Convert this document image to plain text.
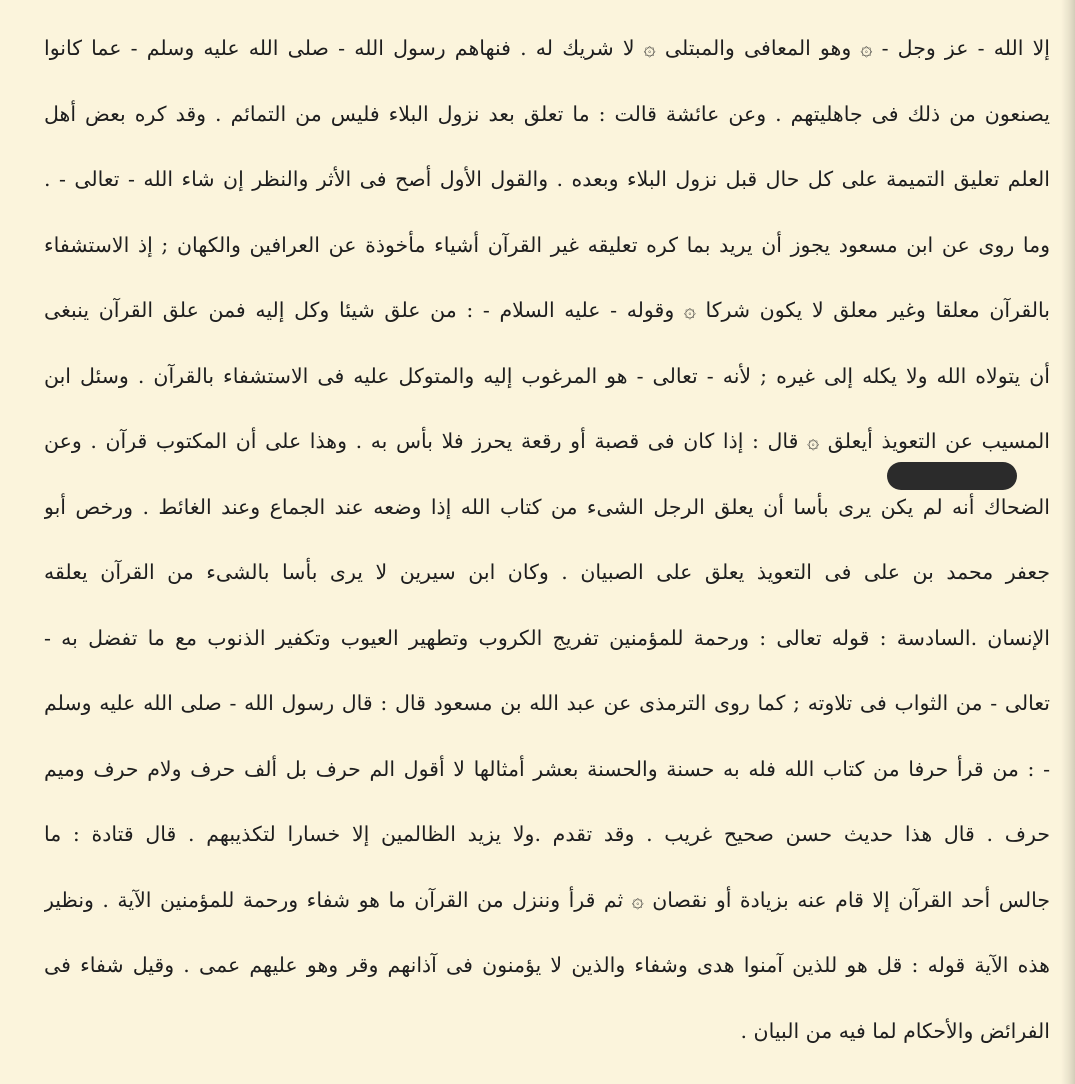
إلا الله - عز وجل - ۞ وهو المعافى والمبتلى ۞ لا شريك له . فنهاهم رسول الله - صلى الله عليه وسلم - عما كانوا
يصنعون من ذلك فى جاهليتهم . وعن عائشة قالت : ما تعلق بعد نزول البلاء فليس من التمائم . وقد كره بعض أهل
العلم تعليق التميمة على كل حال قبل نزول البلاء وبعده . والقول الأول أصح فى الأثر والنظر إن شاء الله - تعالى - .
وما روى عن ابن مسعود يجوز أن يريد بما كره تعليقه غير القرآن أشياء مأخوذة عن العرافين والكهان ; إذ الاستشفاء
بالقرآن معلقا وغير معلق لا يكون شركا ۞ وقوله - عليه السلام - : من علق شيئا وكل إليه فمن علق القرآن ينبغى
أن يتولاه الله ولا يكله إلى غيره ; لأنه - تعالى - هو المرغوب إليه والمتوكل عليه فى الاستشفاء بالقرآن . وسئل ابن
المسيب عن التعويذ أيعلق ۞ قال : إذا كان فى قصبة أو رقعة يحرز فلا بأس به . وهذا على أن المكتوب قرآن . وعن
الضحاك أنه لم يكن يرى بأسا أن يعلق الرجل الشىء من كتاب الله إذا وضعه عند الجماع وعند الغائط . ورخص أبو
جعفر محمد بن على فى التعويذ يعلق على الصبيان . وكان ابن سيرين لا يرى بأسا بالشىء من القرآن يعلقه
الإنسان .السادسة : قوله تعالى : ورحمة للمؤمنين تفريج الكروب وتطهير العيوب وتكفير الذنوب مع ما تفضل به -
تعالى - من الثواب فى تلاوته ; كما روى الترمذى عن عبد الله بن مسعود قال : قال رسول الله - صلى الله عليه وسلم
- : من قرأ حرفا من كتاب الله فله به حسنة والحسنة بعشر أمثالها لا أقول الم حرف بل ألف حرف ولام حرف وميم
حرف . قال هذا حديث حسن صحيح غريب . وقد تقدم .ولا يزيد الظالمين إلا خسارا لتكذيبهم . قال قتادة : ما
جالس أحد القرآن إلا قام عنه بزيادة أو نقصان ۞ ثم قرأ وننزل من القرآن ما هو شفاء ورحمة للمؤمنين الآية . ونظير
هذه الآية قوله : قل هو للذين آمنوا هدى وشفاء والذين لا يؤمنون فى آذانهم وقر وهو عليهم عمى . وقيل شفاء فى
الفرائض والأحكام لما فيه من البيان .
